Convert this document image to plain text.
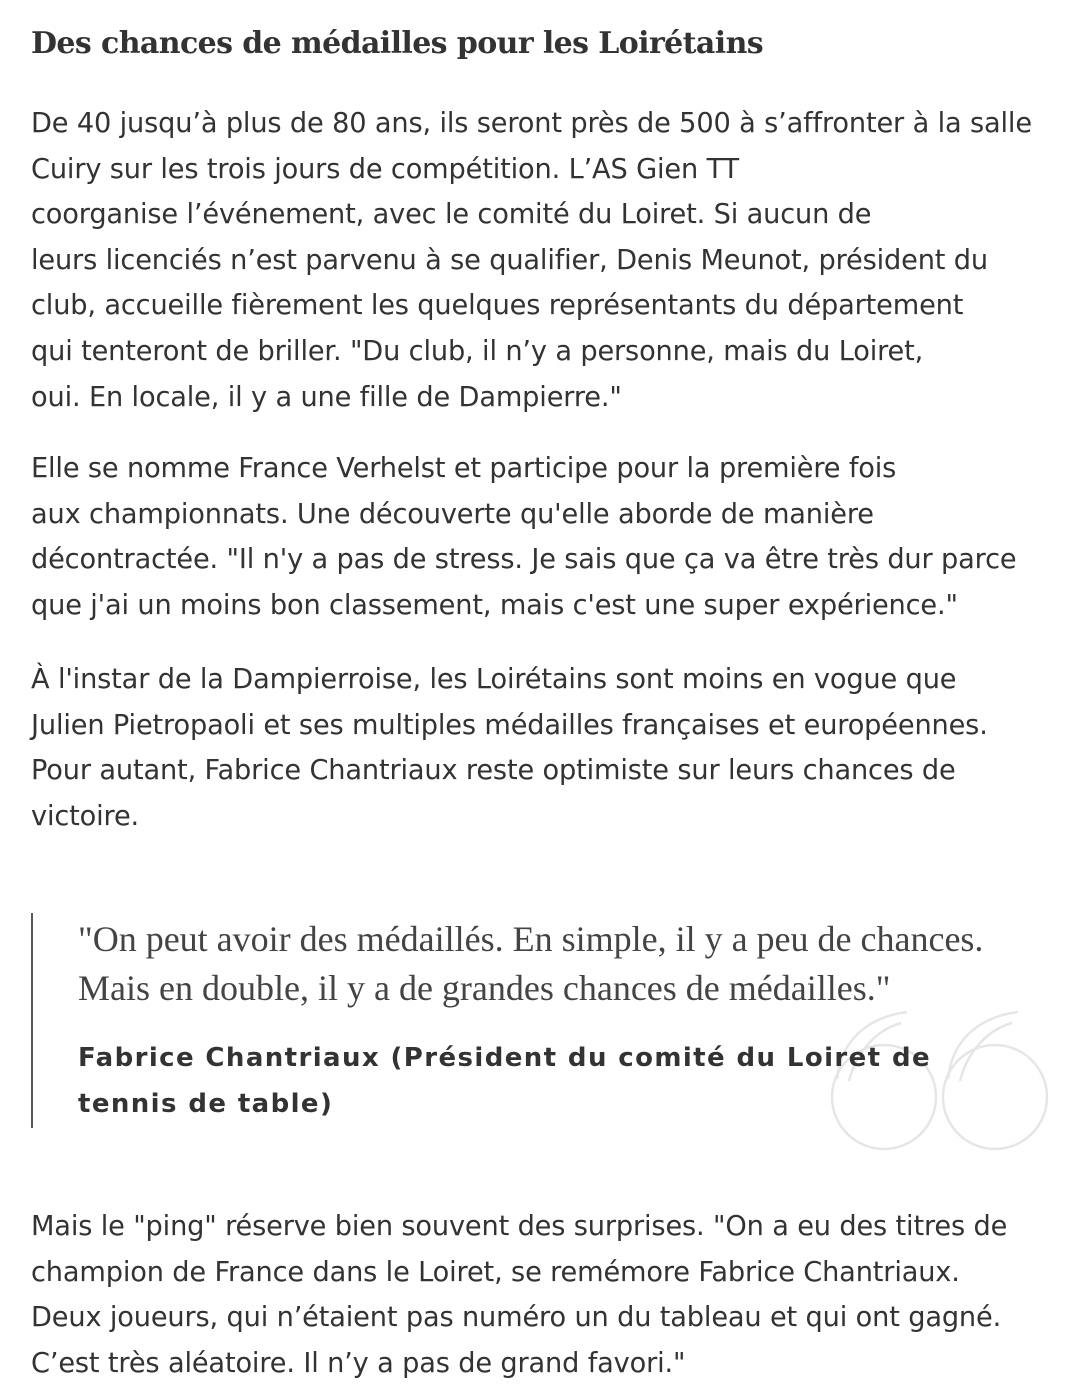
Des chances de médailles pour les Loirétains

De 40 jusqu’à plus de 80 ans, ils seront près de 500 à s’affronter à la salle
Cuiry sur les trois jours de compétition. L’AS Gien TT
coorganise l’événement, avec le comité du Loiret. Si aucun de
leurs licenciés n’est parvenu à se qualifier, Denis Meunot, président du
club, accueille fièrement les quelques représentants du département
qui tenteront de briller. "Du club, il n’y a personne, mais du Loiret,
oui. En locale, il y a une fille de Dampierre."

Elle se nomme France Verhelst et participe pour la première fois
aux championnats. Une découverte qu'elle aborde de manière
décontractée. "Il n'y a pas de stress. Je sais que ça va être très dur parce
que j'ai un moins bon classement, mais c'est une super expérience."

À l'instar de la Dampierroise, les Loirétains sont moins en vogue que
Julien Pietropaoli et ses multiples médailles françaises et européennes.
Pour autant, Fabrice Chantriaux reste optimiste sur leurs chances de
victoire.

"On peut avoir des médaillés. En simple, il y a peu de chances.
Mais en double, il y a de grandes chances de médailles."

Fabrice Chantriaux (Président du comité du Loiret de
tennis de table)

Mais le "ping" réserve bien souvent des surprises. "On a eu des titres de
champion de France dans le Loiret, se remémore Fabrice Chantriaux.
Deux joueurs, qui n’étaient pas numéro un du tableau et qui ont gagné.
C’est très aléatoire. Il n’y a pas de grand favori."
